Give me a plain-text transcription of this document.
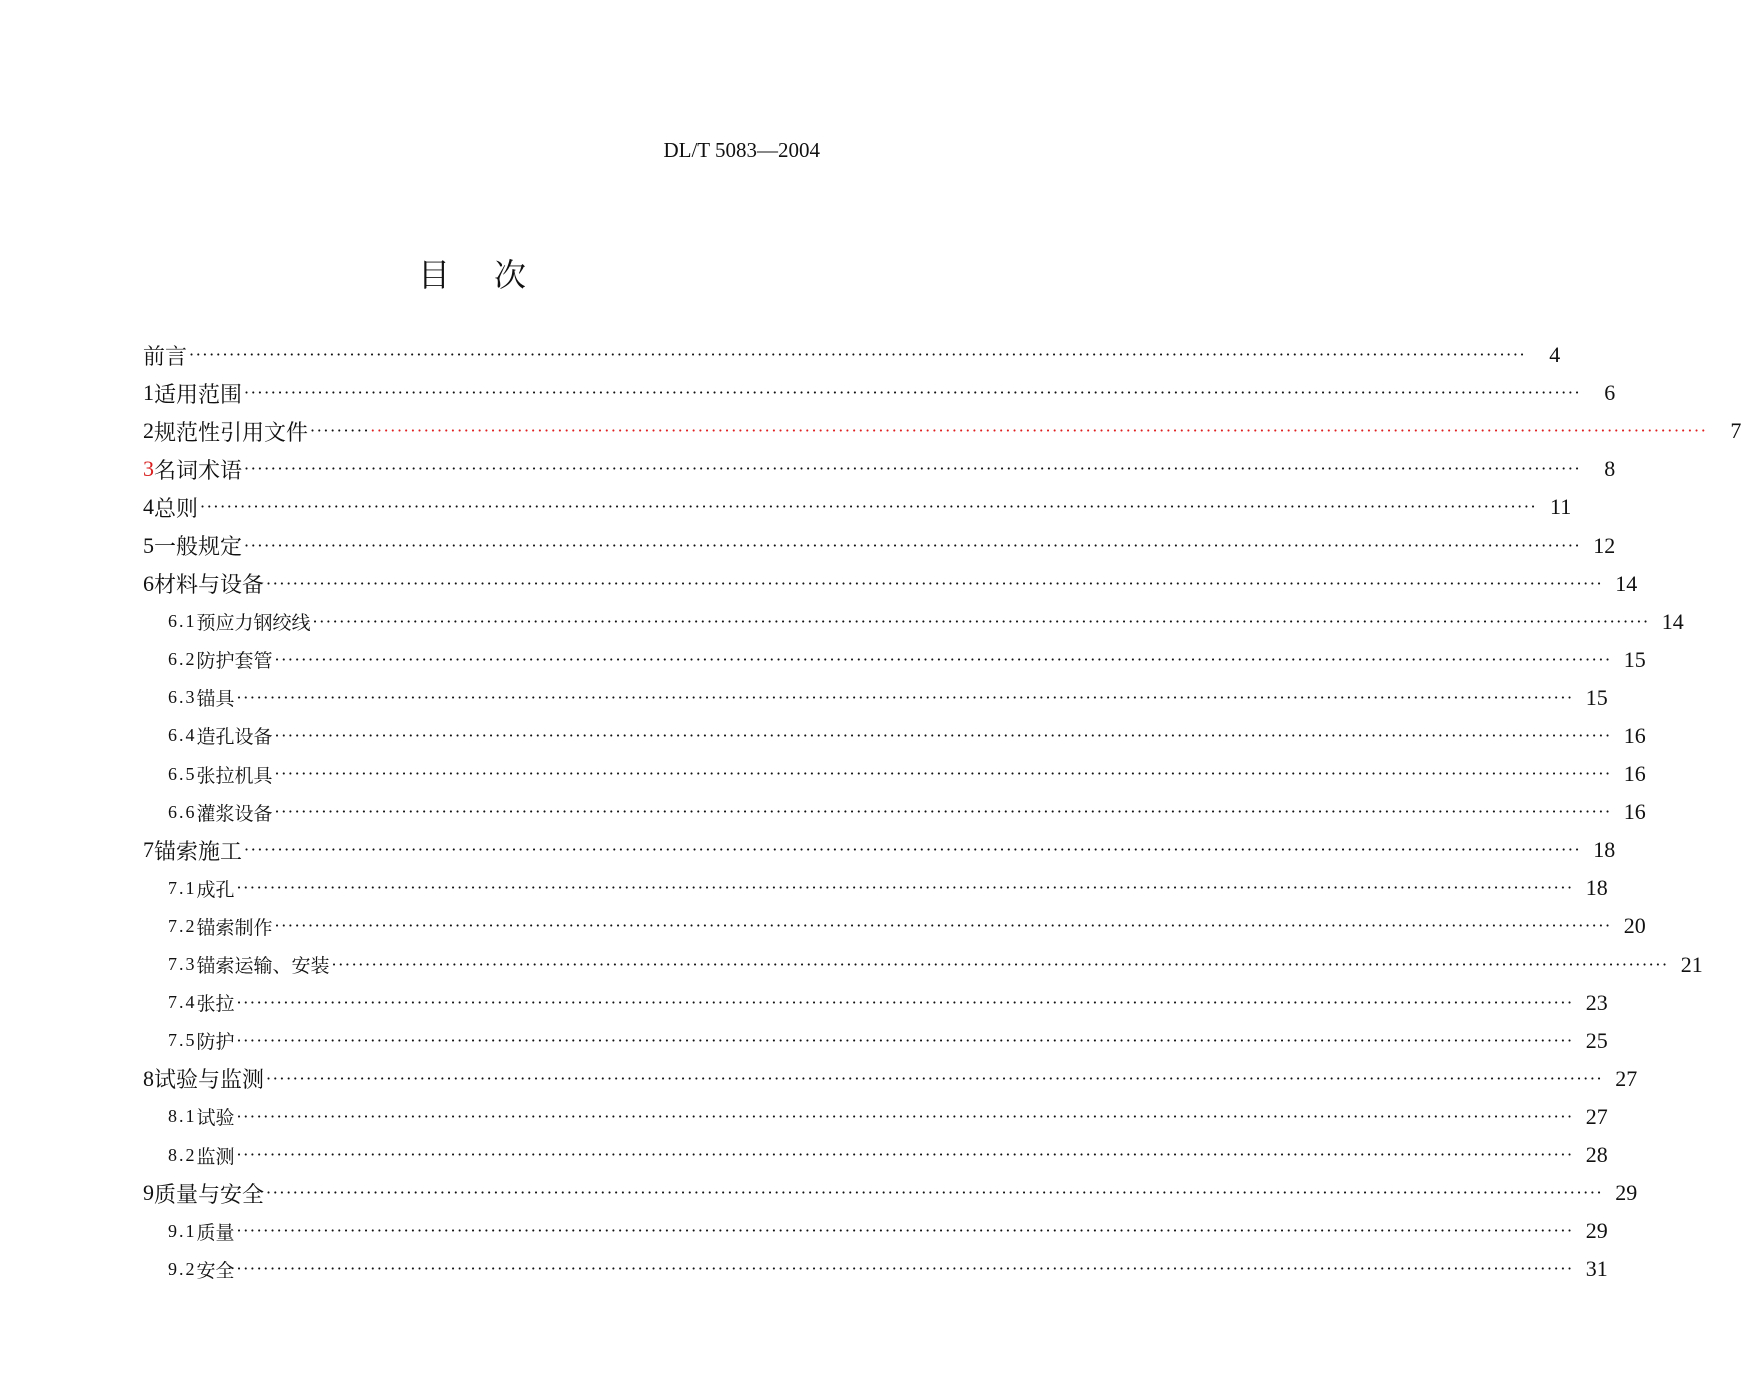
DL/T 5083—2004
目次
前言 ········································································································································································································	4
1 适用范围 ········································································································································································································	6
2 规范性引用文件 ·················································································································································································································	7
3 名词术语 ········································································································································································································	8
4 总则 ········································································································································································································ 11
5 一般规定 ········································································································································································································ 12
6 材料与设备 ········································································································································································································ 14
6.1 预应力钢绞线 ········································································································································································································ 14
6.2 防护套管 ········································································································································································································ 15
6.3 锚具 ········································································································································································································ 15
6.4 造孔设备 ········································································································································································································ 16
6.5 张拉机具 ········································································································································································································ 16
6.6 灌浆设备 ········································································································································································································ 16
7 锚索施工 ········································································································································································································ 18
7.1 成孔 ········································································································································································································ 18
7.2 锚索制作 ········································································································································································································ 20
7.3 锚索运输、安装 ········································································································································································································ 21
7.4 张拉 ········································································································································································································ 23
7.5 防护 ········································································································································································································ 25
8 试验与监测 ········································································································································································································ 27
8.1 试验 ········································································································································································································ 27
8.2 监测 ········································································································································································································ 28
9 质量与安全 ········································································································································································································ 29
9.1 质量 ········································································································································································································ 29
9.2 安全 ········································································································································································································ 31
